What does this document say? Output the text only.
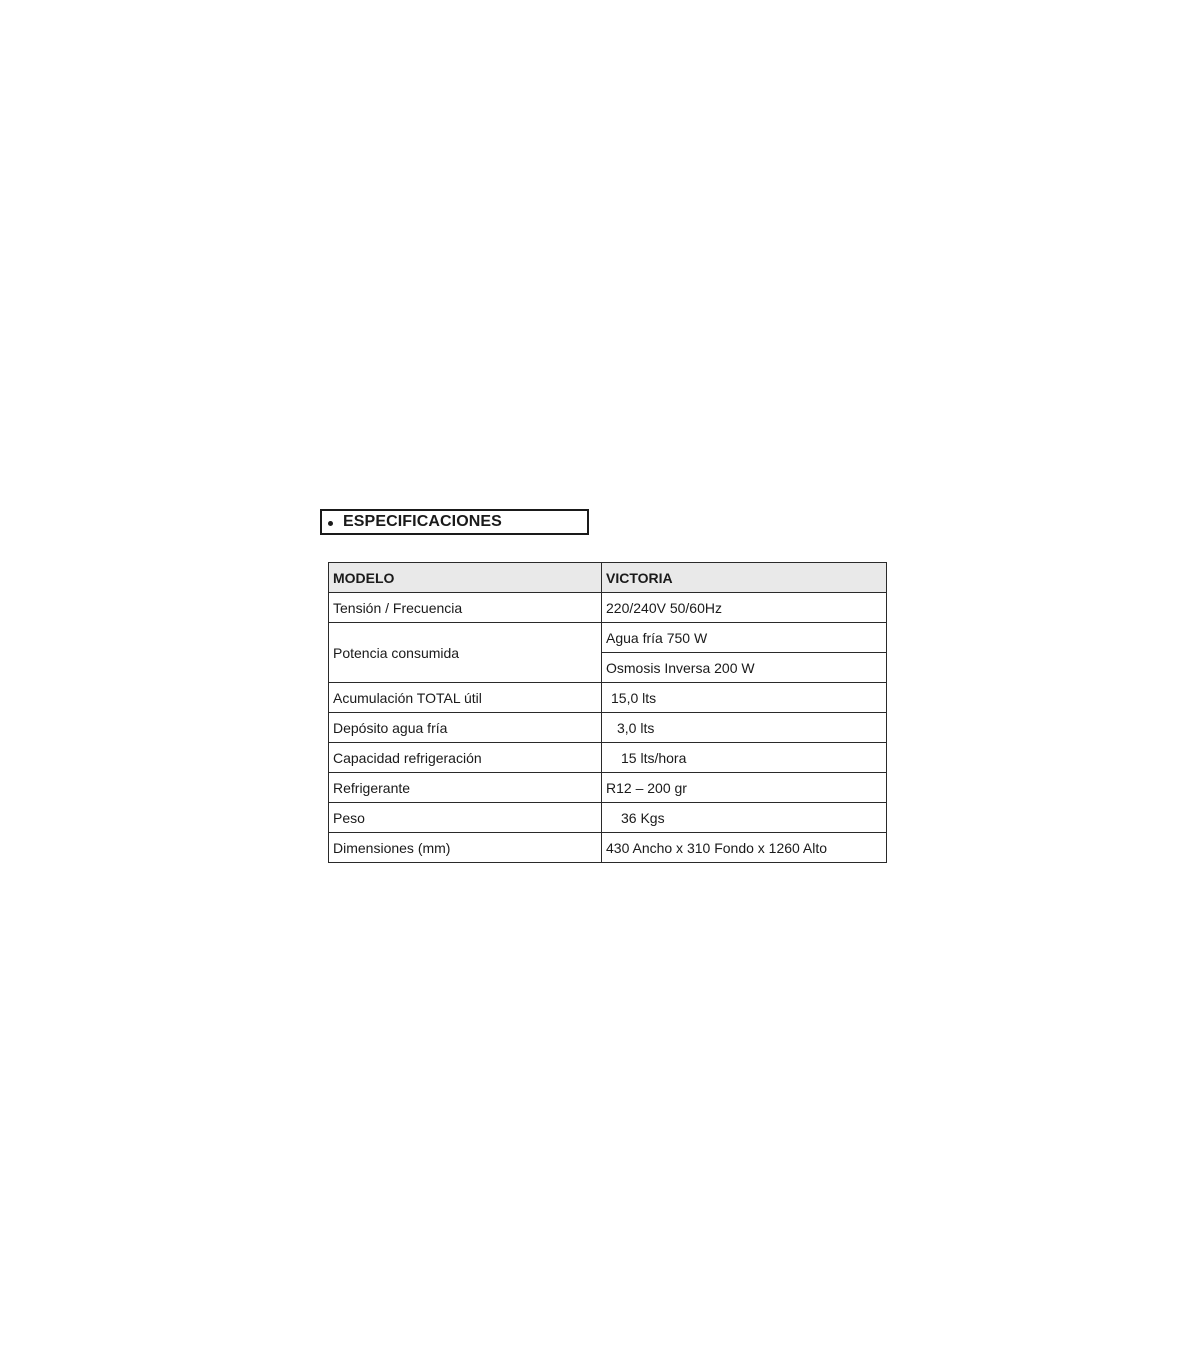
ESPECIFICACIONES
MODELO	VICTORIA
Tensión / Frecuencia	220/240V 50/60Hz
Potencia consumida	Agua fría 750 W
	Osmosis Inversa 200 W
Acumulación TOTAL útil	15,0 lts
Depósito agua fría	3,0 lts
Capacidad refrigeración	15 lts/hora
Refrigerante	R12 – 200 gr
Peso	36 Kgs
Dimensiones (mm)	430 Ancho x 310 Fondo x 1260 Alto
